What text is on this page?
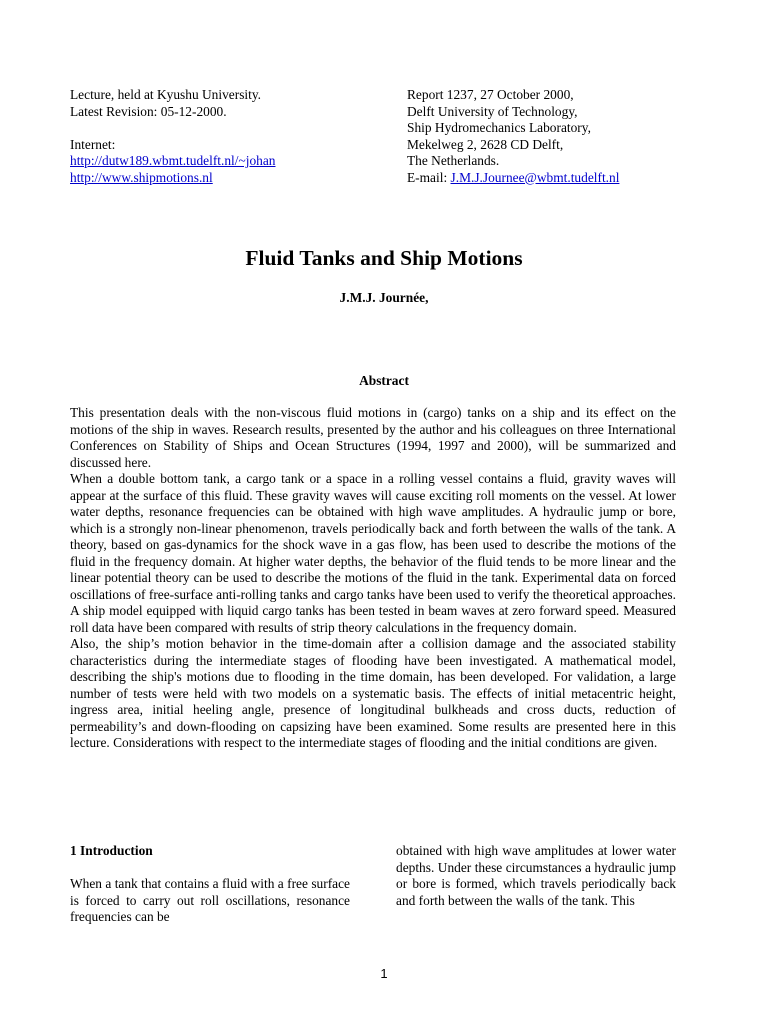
Lecture, held at Kyushu University.
Latest Revision: 05-12-2000.
Internet:
http://dutw189.wbmt.tudelft.nl/~johan
http://www.shipmotions.nl
Report 1237, 27 October 2000,
Delft University of Technology,
Ship Hydromechanics Laboratory,
Mekelweg 2, 2628 CD Delft,
The Netherlands.
E-mail: J.M.J.Journee@wbmt.tudelft.nl
Fluid Tanks and Ship Motions
J.M.J. Journée,
Abstract

This presentation deals with the non-viscous fluid motions in (cargo) tanks on a ship and its effect on the motions of the ship in waves. Research results, presented by the author and his colleagues on three International Conferences on Stability of Ships and Ocean Structures (1994, 1997 and 2000), will be summarized and discussed here.

When a double bottom tank, a cargo tank or a space in a rolling vessel contains a fluid, gravity waves will appear at the surface of this fluid. These gravity waves will cause exciting roll moments on the vessel. At lower water depths, resonance frequencies can be obtained with high wave amplitudes. A hydraulic jump or bore, which is a strongly non-linear phenomenon, travels periodically back and forth between the walls of the tank. A theory, based on gas-dynamics for the shock wave in a gas flow, has been used to describe the motions of the fluid in the frequency domain. At higher water depths, the behavior of the fluid tends to be more linear and the linear potential theory can be used to describe the motions of the fluid in the tank. Experimental data on forced oscillations of free-surface anti-rolling tanks and cargo tanks have been used to verify the theoretical approaches. A ship model equipped with liquid cargo tanks has been tested in beam waves at zero forward speed. Measured roll data have been compared with results of strip theory calculations in the frequency domain.

Also, the ship’s motion behavior in the time-domain after a collision damage and the associated stability characteristics during the intermediate stages of flooding have been investigated. A mathematical model, describing the ship's motions due to flooding in the time domain, has been developed. For validation, a large number of tests were held with two models on a systematic basis. The effects of initial metacentric height, ingress area, initial heeling angle, presence of longitudinal bulkheads and cross ducts, reduction of permeability’s and down-flooding on capsizing have been examined. Some results are presented here in this lecture. Considerations with respect to the intermediate stages of flooding and the initial conditions are given.

1 Introduction

When a tank that contains a fluid with a free surface is forced to carry out roll oscillations, resonance frequencies can be

obtained with high wave amplitudes at lower water depths. Under these circumstances a hydraulic jump or bore is formed, which travels periodically back and forth between the walls of the tank. This

1
